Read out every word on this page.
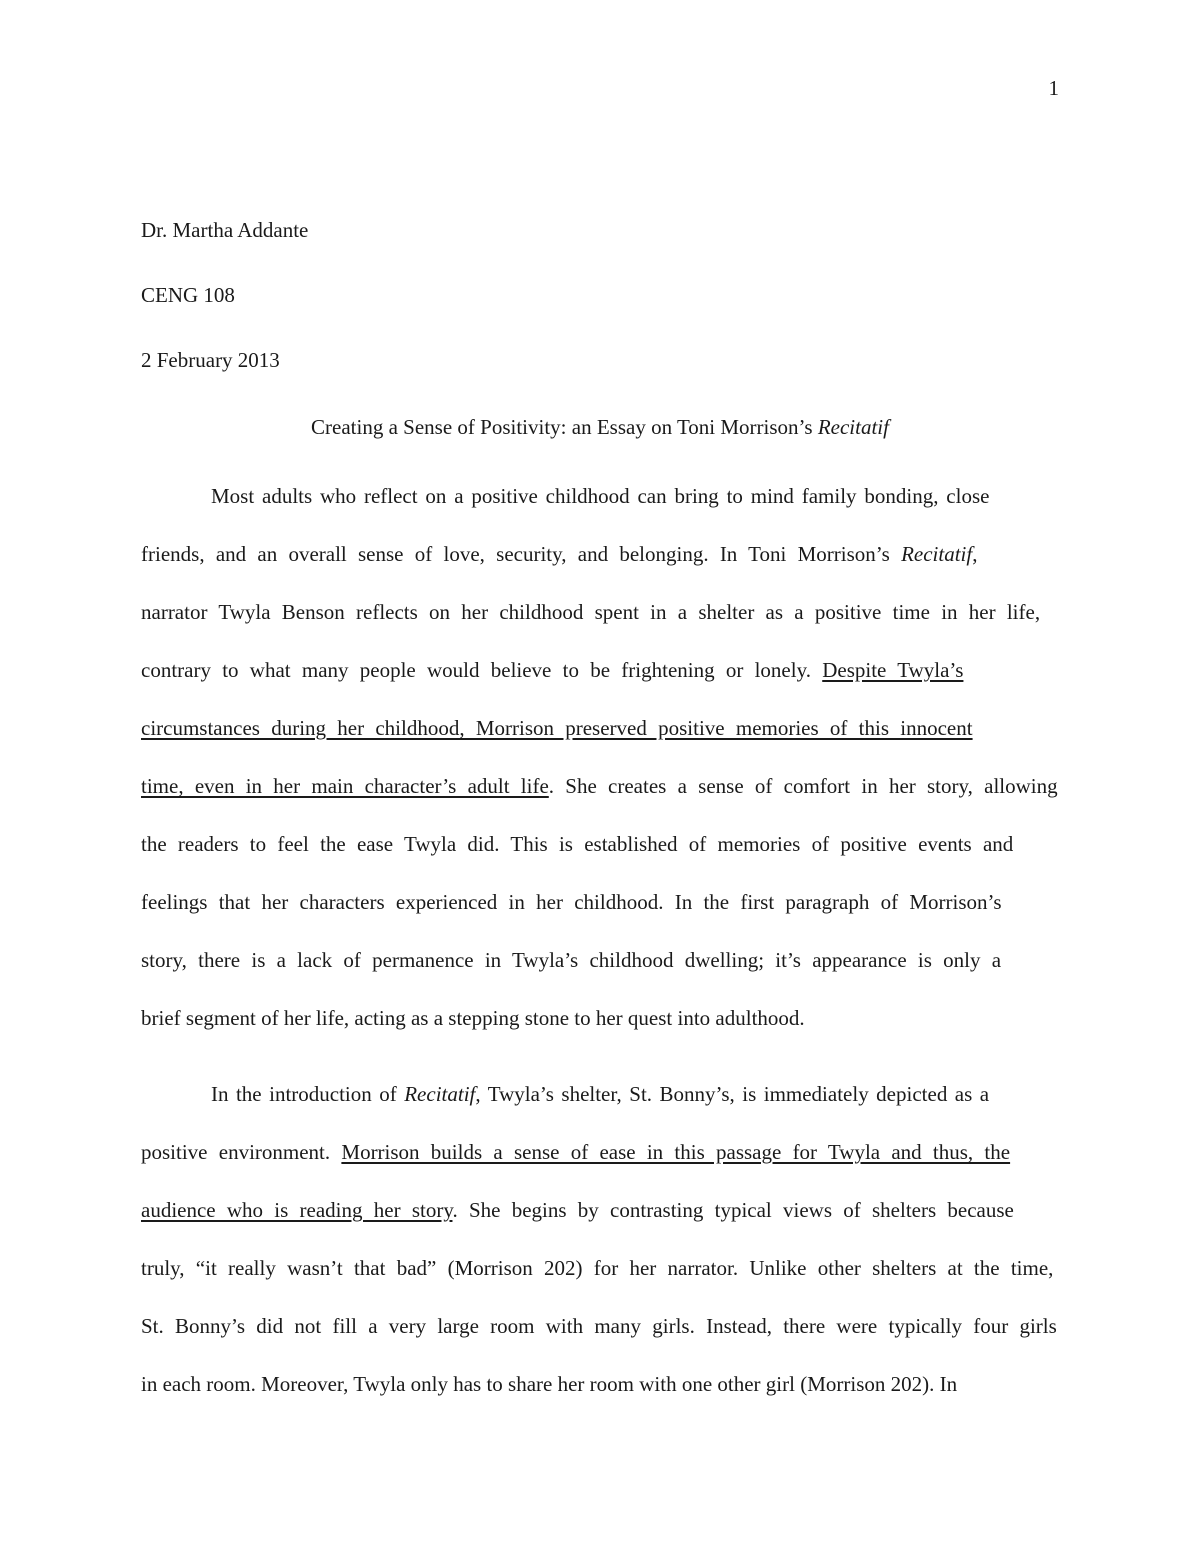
1

Dr. Martha Addante

CENG 108

2 February 2013

Creating a Sense of Positivity: an Essay on Toni Morrison’s Recitatif

Most adults who reflect on a positive childhood can bring to mind family bonding, close
friends, and an overall sense of love, security, and belonging. In Toni Morrison’s Recitatif,
narrator Twyla Benson reflects on her childhood spent in a shelter as a positive time in her life,
contrary to what many people would believe to be frightening or lonely. Despite Twyla’s
circumstances during her childhood, Morrison preserved positive memories of this innocent
time, even in her main character’s adult life. She creates a sense of comfort in her story, allowing
the readers to feel the ease Twyla did. This is established of memories of positive events and
feelings that her characters experienced in her childhood. In the first paragraph of Morrison’s
story, there is a lack of permanence in Twyla’s childhood dwelling; it’s appearance is only a
brief segment of her life, acting as a stepping stone to her quest into adulthood.

In the introduction of Recitatif, Twyla’s shelter, St. Bonny’s, is immediately depicted as a
positive environment. Morrison builds a sense of ease in this passage for Twyla and thus, the
audience who is reading her story. She begins by contrasting typical views of shelters because
truly, “it really wasn’t that bad” (Morrison 202) for her narrator. Unlike other shelters at the time,
St. Bonny’s did not fill a very large room with many girls. Instead, there were typically four girls
in each room. Moreover, Twyla only has to share her room with one other girl (Morrison 202). In
